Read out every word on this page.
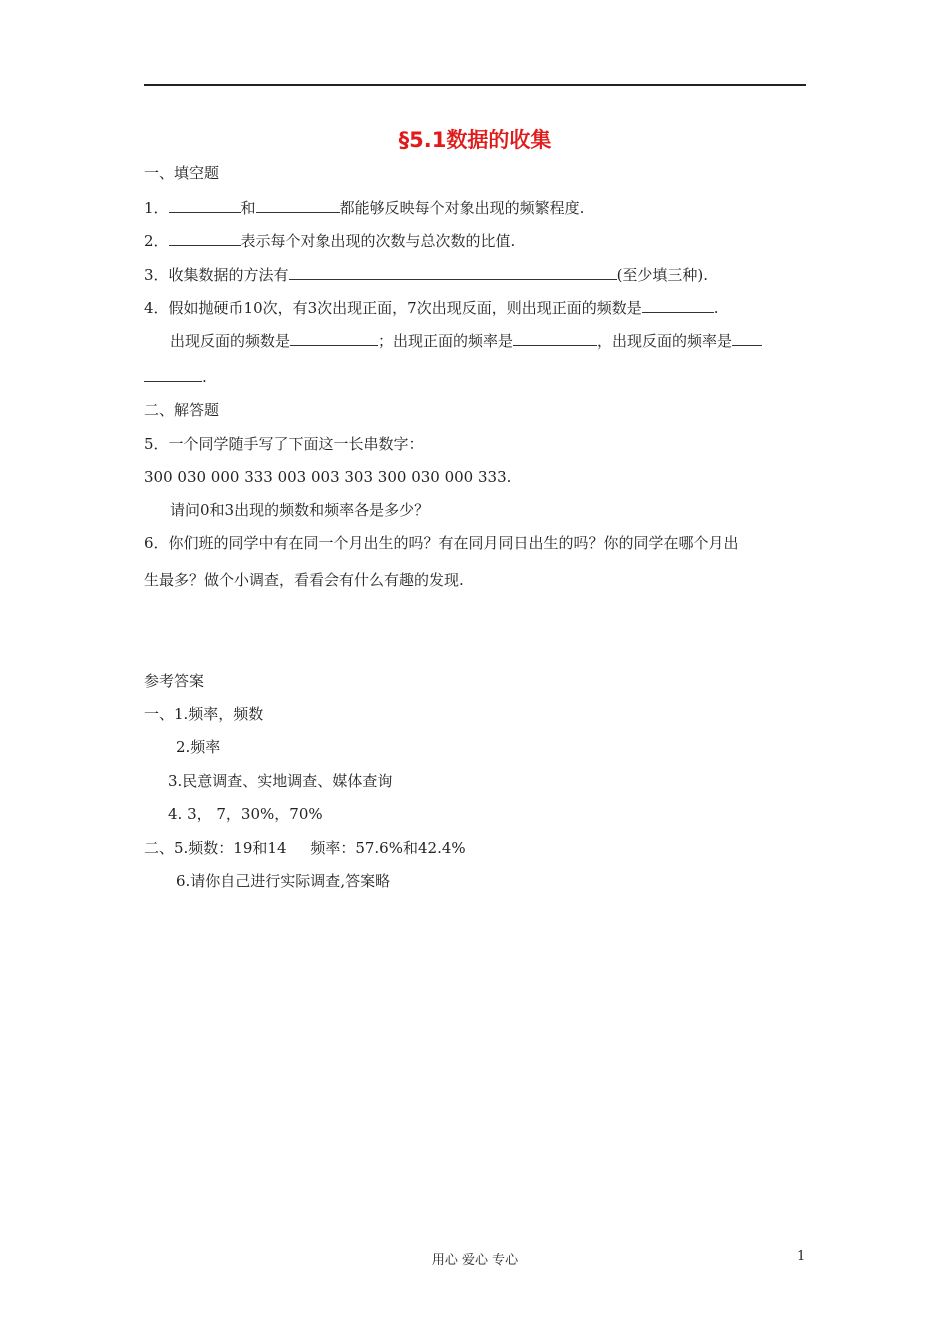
§5.1数据的收集
一、填空题
1．	和	都能够反映每个对象出现的频繁程度.
2．	表示每个对象出现的次数与总次数的比值.
3．收集数据的方法有	(至少填三种).
4．假如抛硬币10次，有3次出现正面，7次出现反面，则出现正面的频数是	.
出现反面的频数是	；出现正面的频率是	，出现反面的频率是
.
二、解答题
5．一个同学随手写了下面这一长串数字：
300 030 000 333 003 003 303 300 030 000 333.
请问0和3出现的频数和频率各是多少？
6．你们班的同学中有在同一个月出生的吗？有在同月同日出生的吗？你的同学在哪个月出
生最多？做个小调查，看看会有什么有趣的发现.
参考答案
一、1.频率，频数
2.频率
3.民意调查、实地调查、媒体查询
4. 3， 7，30%，70%
二、5.频数：19和14     频率：57.6%和42.4%
6.请你自己进行实际调查,答案略
用心 爱心 专心	1
